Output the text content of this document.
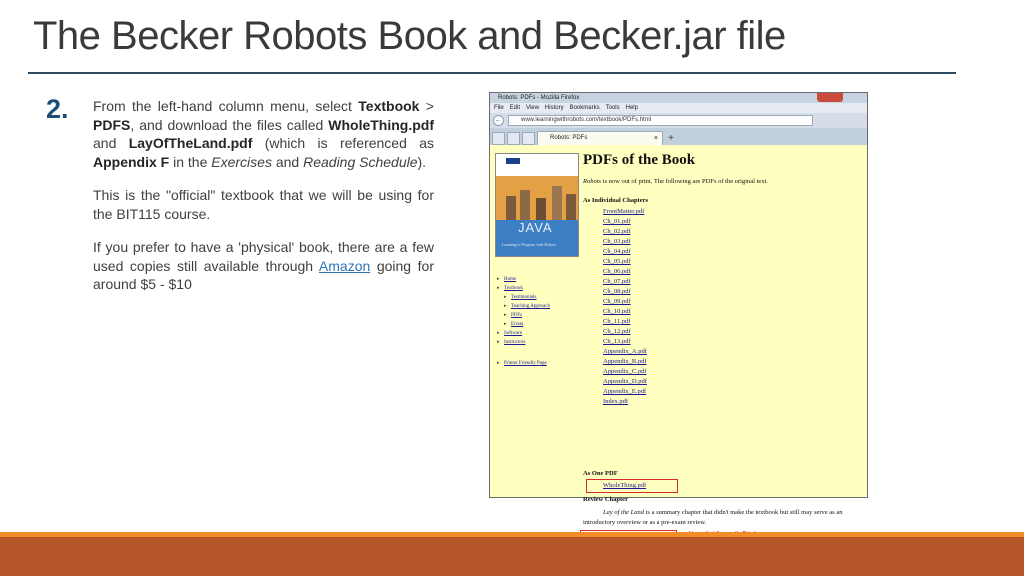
The Becker Robots Book and Becker.jar file
2. From the left-hand column menu, select Textbook > PDFS, and download the files called WholeThing.pdf and LayOfTheLand.pdf (which is referenced as Appendix F in the Exercises and Reading Schedule).

This is the "official" textbook that we will be using for the BIT115 course.

If you prefer to have a 'physical' book, there are a few used copies still available through Amazon going for around $5 - $10

Robots: PDFs - Mozilla Firefox
File Edit View History Bookmarks Tools Help
←	www.learningwithrobots.com/textbook/PDFs.html
Robots: PDFs	×	+
JAVA
Learning to Program with Robots
▸ Home
▸ Textbook
▸ Testimonials
▸ Teaching Approach
▸ PDFs
▸ Errata
▸ Software
▸ Instructors
▸ Printer Friendly Page
PDFs of the Book
Robots is now out of print. The following are PDFs of the original text.
As Individual Chapters
FrontMatter.pdf
Ch_01.pdf
Ch_02.pdf
Ch_03.pdf
Ch_04.pdf
Ch_05.pdf
Ch_06.pdf
Ch_07.pdf
Ch_08.pdf
Ch_09.pdf
Ch_10.pdf
Ch_11.pdf
Ch_12.pdf
Ch_13.pdf
Appendix_A.pdf
Appendix_B.pdf
Appendix_C.pdf
Appendix_D.pdf
Appendix_E.pdf
Index.pdf
As One PDF
WholeThing.pdf
Review Chapter
Lay of the Land is a summary chapter that didn't make the textbook but still may serve as an introductory overview or as a pre-exam review.
